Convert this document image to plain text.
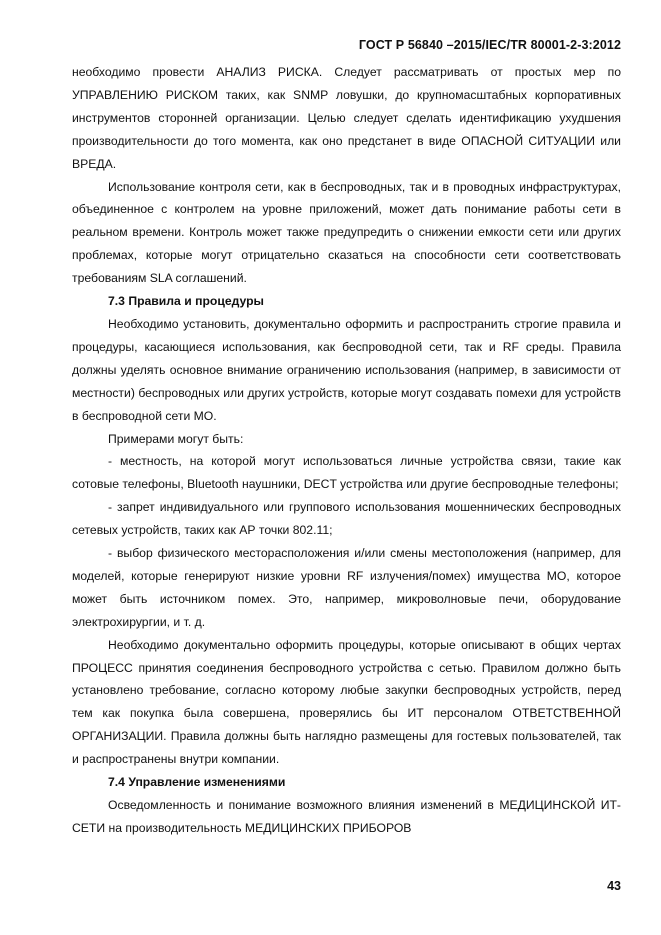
ГОСТ Р 56840 –2015/IEC/TR 80001-2-3:2012

необходимо провести АНАЛИЗ РИСКА. Следует рассматривать от простых мер по УПРАВЛЕНИЮ РИСКОМ таких, как SNMP ловушки, до крупномасштабных корпоративных инструментов сторонней организации. Целью следует сделать идентификацию ухудшения производительности до того момента, как оно предстанет в виде ОПАСНОЙ СИТУАЦИИ или ВРЕДА.

Использование контроля сети, как в беспроводных, так и в проводных инфраструктурах, объединенное с контролем на уровне приложений, может дать понимание работы сети в реальном времени. Контроль может также предупредить о снижении емкости сети или других проблемах, которые могут отрицательно сказаться на способности сети соответствовать требованиям SLA соглашений.

7.3 Правила и процедуры

Необходимо установить, документально оформить и распространить строгие правила и процедуры, касающиеся использования, как беспроводной сети, так и RF среды. Правила должны уделять основное внимание ограничению использования (например, в зависимости от местности) беспроводных или других устройств, которые могут создавать помехи для устройств в беспроводной сети МО.

Примерами могут быть:

- местность, на которой могут использоваться личные устройства связи, такие как сотовые телефоны, Bluetooth наушники, DECT устройства или другие беспроводные телефоны;

- запрет индивидуального или группового использования мошеннических беспроводных сетевых устройств, таких как АР точки 802.11;

- выбор физического месторасположения и/или смены местоположения (например, для моделей, которые генерируют низкие уровни RF излучения/помех) имущества МО, которое может быть источником помех. Это, например, микроволновые печи, оборудование электрохирургии, и т. д.

Необходимо документально оформить процедуры, которые описывают в общих чертах ПРОЦЕСС принятия соединения беспроводного устройства с сетью. Правилом должно быть установлено требование, согласно которому любые закупки беспроводных устройств, перед тем как покупка была совершена, проверялись бы ИТ персоналом ОТВЕТСТВЕННОЙ ОРГАНИЗАЦИИ. Правила должны быть наглядно размещены для гостевых пользователей, так и распространены внутри компании.

7.4 Управление изменениями

Осведомленность и понимание возможного влияния изменений в МЕДИЦИНСКОЙ ИТ-СЕТИ на производительность МЕДИЦИНСКИХ ПРИБОРОВ

43
